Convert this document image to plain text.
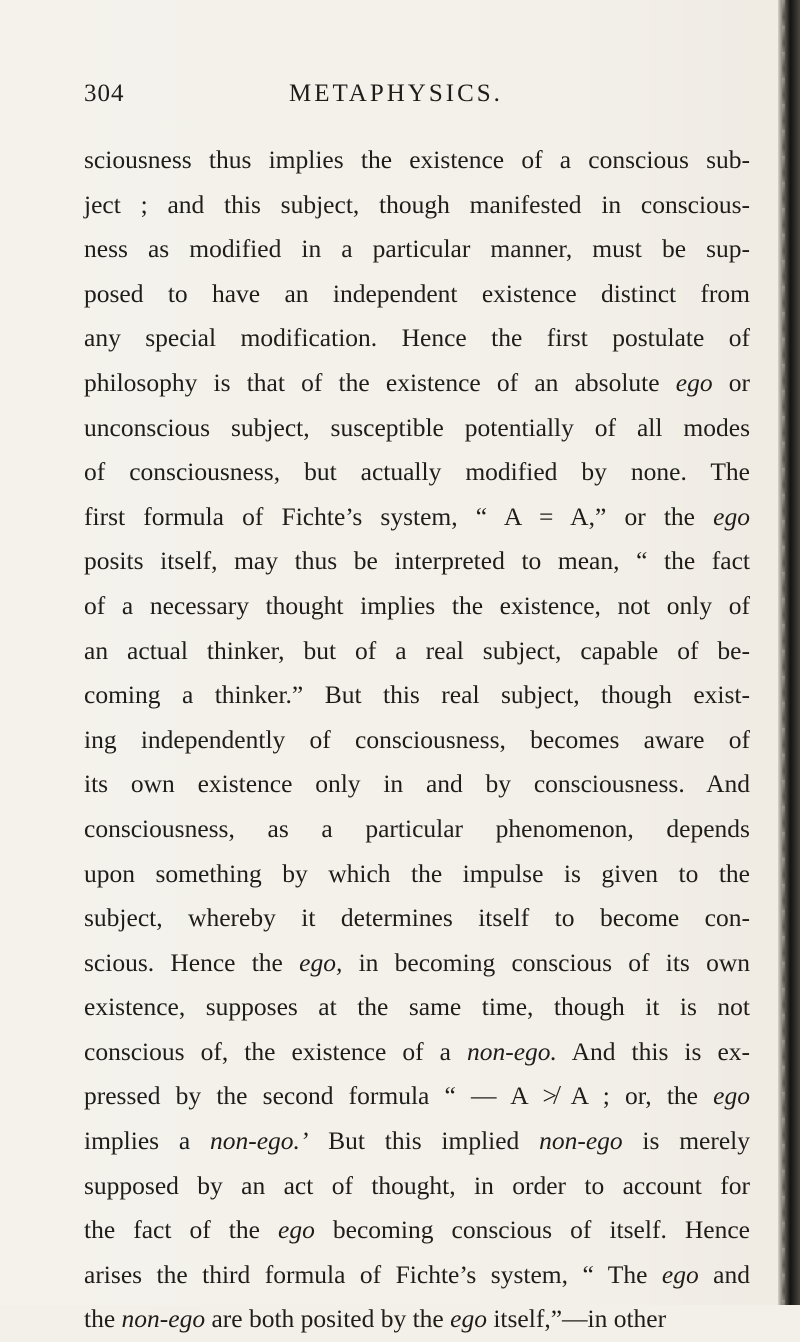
304	METAPHYSICS.
sciousness thus implies the existence of a conscious sub-
ject ; and this subject, though manifested in conscious-
ness as modified in a particular manner, must be sup-
posed to have an independent existence distinct from
any special modification. Hence the first postulate of
philosophy is that of the existence of an absolute ego or
unconscious subject, susceptible potentially of all modes
of consciousness, but actually modified by none. The
first formula of Fichte’s system, “ A = A,” or the ego
posits itself, may thus be interpreted to mean, “ the fact
of a necessary thought implies the existence, not only of
an actual thinker, but of a real subject, capable of be-
coming a thinker.” But this real subject, though exist-
ing independently of consciousness, becomes aware of
its own existence only in and by consciousness. And
consciousness, as a particular phenomenon, depends
upon something by which the impulse is given to the
subject, whereby it determines itself to become con-
scious. Hence the ego, in becoming conscious of its own
existence, supposes at the same time, though it is not
conscious of, the existence of a non-ego. And this is ex-
pressed by the second formula “ — A ≯ A ; or, the ego
implies a non-ego.’ But this implied non-ego is merely
supposed by an act of thought, in order to account for
the fact of the ego becoming conscious of itself. Hence
arises the third formula of Fichte’s system, “ The ego and
the non-ego are both posited by the ego itself,”—in other
